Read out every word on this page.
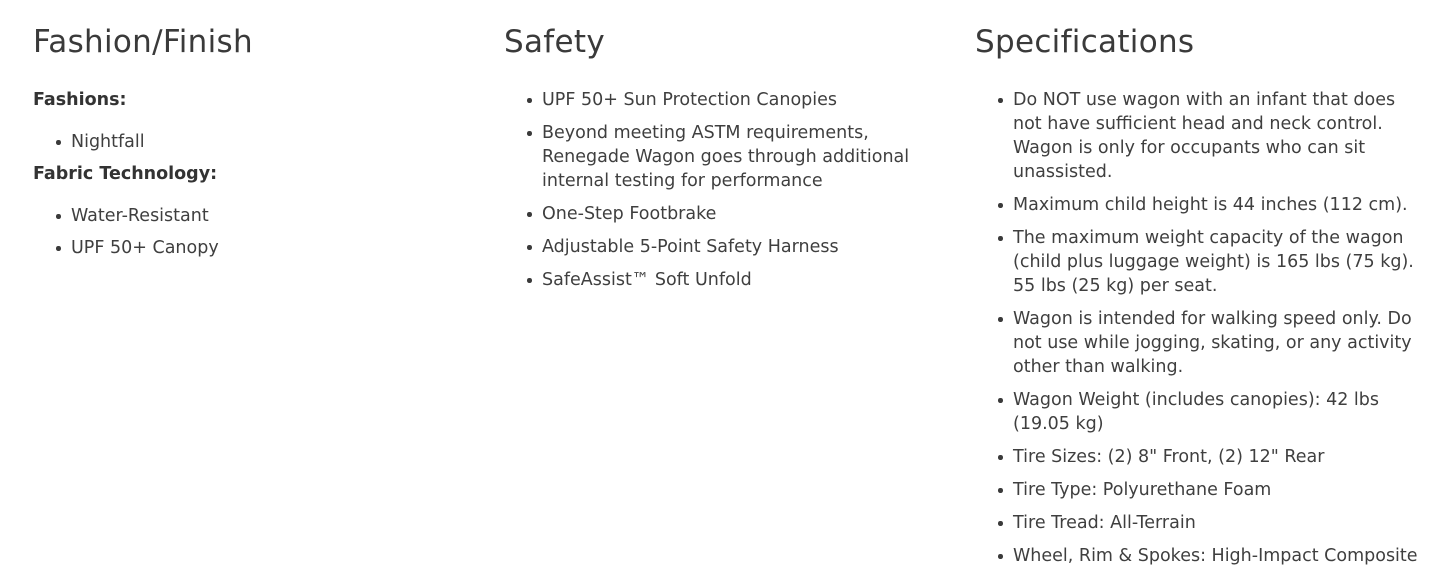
Fashion/Finish

Fashions:

Nightfall

Fabric Technology:

Water-Resistant
UPF 50+ Canopy
Safety
UPF 50+ Sun Protection Canopies
Beyond meeting ASTM requirements, Renegade Wagon goes through additional internal testing for performance
One-Step Footbrake
Adjustable 5-Point Safety Harness
SafeAssist™ Soft Unfold
Specifications
Do NOT use wagon with an infant that does not have sufficient head and neck control. Wagon is only for occupants who can sit unassisted.
Maximum child height is 44 inches (112 cm).
The maximum weight capacity of the wagon (child plus luggage weight) is 165 lbs (75 kg). 55 lbs (25 kg) per seat.
Wagon is intended for walking speed only. Do not use while jogging, skating, or any activity other than walking.
Wagon Weight (includes canopies): 42 lbs (19.05 kg)
Tire Sizes: (2) 8" Front, (2) 12" Rear
Tire Type: Polyurethane Foam
Tire Tread: All-Terrain
Wheel, Rim & Spokes: High-Impact Composite
